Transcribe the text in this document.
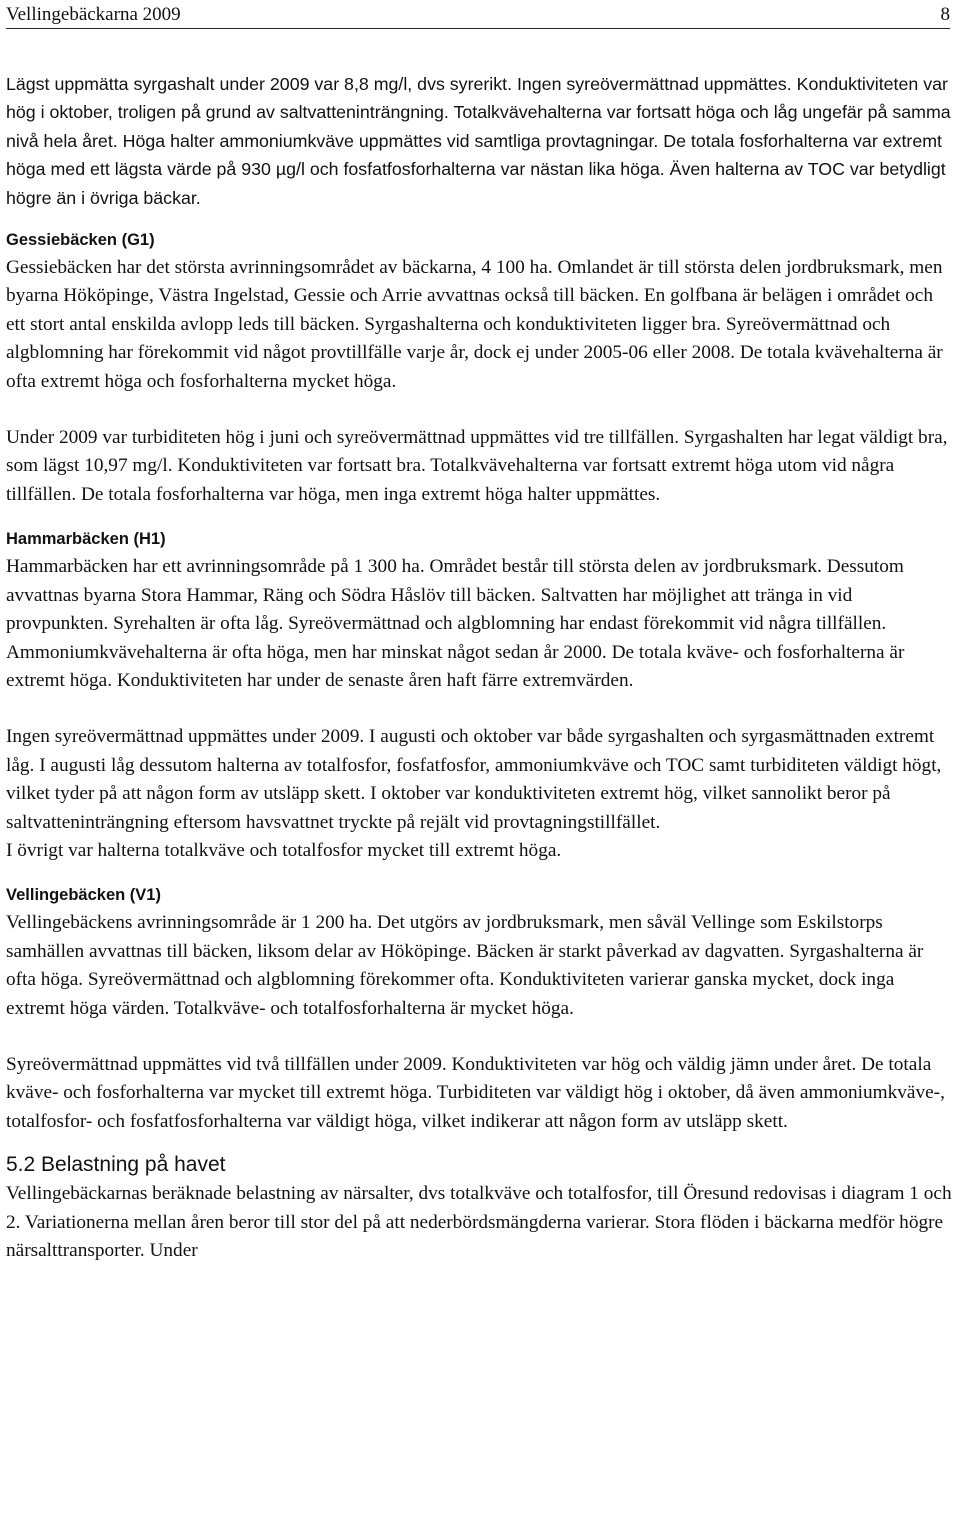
Vellingebäckarna 2009	8

Lägst uppmätta syrgashalt under 2009 var 8,8 mg/l, dvs syrerikt. Ingen syreövermättnad uppmättes. Konduktiviteten var hög i oktober, troligen på grund av saltvatteninträngning. Totalkvävehalterna var fortsatt höga och låg ungefär på samma nivå hela året. Höga halter ammoniumkväve uppmättes vid samtliga provtagningar. De totala fosforhalterna var extremt höga med ett lägsta värde på 930 µg/l och fosfatfosforhalterna var nästan lika höga. Även halterna av TOC var betydligt högre än i övriga bäckar.

Gessiebäcken (G1)

Gessiebäcken har det största avrinningsområdet av bäckarna, 4 100 ha. Omlandet är till största delen jordbruksmark, men byarna Hököpinge, Västra Ingelstad, Gessie och Arrie avvattnas också till bäcken. En golfbana är belägen i området och ett stort antal enskilda avlopp leds till bäcken. Syrgashalterna och konduktiviteten ligger bra. Syreövermättnad och algblomning har förekommit vid något provtillfälle varje år, dock ej under 2005-06 eller 2008. De totala kvävehalterna är ofta extremt höga och fosforhalterna mycket höga.

Under 2009 var turbiditeten hög i juni och syreövermättnad uppmättes vid tre tillfällen. Syrgashalten har legat väldigt bra, som lägst 10,97 mg/l. Konduktiviteten var fortsatt bra. Totalkvävehalterna var fortsatt extremt höga utom vid några tillfällen. De totala fosforhalterna var höga, men inga extremt höga halter uppmättes.

Hammarbäcken (H1)

Hammarbäcken har ett avrinningsområde på 1 300 ha. Området består till största delen av jordbruksmark. Dessutom avvattnas byarna Stora Hammar, Räng och Södra Håslöv till bäcken. Saltvatten har möjlighet att tränga in vid provpunkten. Syrehalten är ofta låg. Syreövermättnad och algblomning har endast förekommit vid några tillfällen. Ammoniumkvävehalterna är ofta höga, men har minskat något sedan år 2000. De totala kväve- och fosforhalterna är extremt höga. Konduktiviteten har under de senaste åren haft färre extremvärden.

Ingen syreövermättnad uppmättes under 2009. I augusti och oktober var både syrgashalten och syrgasmättnaden extremt låg. I augusti låg dessutom halterna av totalfosfor, fosfatfosfor, ammoniumkväve och TOC samt turbiditeten väldigt högt, vilket tyder på att någon form av utsläpp skett. I oktober var konduktiviteten extremt hög, vilket sannolikt beror på saltvatteninträngning eftersom havsvattnet tryckte på rejält vid provtagningstillfället.

I övrigt var halterna totalkväve och totalfosfor mycket till extremt höga.

Vellingebäcken (V1)

Vellingebäckens avrinningsområde är 1 200 ha. Det utgörs av jordbruksmark, men såväl Vellinge som Eskilstorps samhällen avvattnas till bäcken, liksom delar av Hököpinge. Bäcken är starkt påverkad av dagvatten. Syrgashalterna är ofta höga. Syreövermättnad och algblomning förekommer ofta. Konduktiviteten varierar ganska mycket, dock inga extremt höga värden. Totalkväve- och totalfosforhalterna är mycket höga.

Syreövermättnad uppmättes vid två tillfällen under 2009. Konduktiviteten var hög och väldig jämn under året. De totala kväve- och fosforhalterna var mycket till extremt höga. Turbiditeten var väldigt hög i oktober, då även ammoniumkväve-, totalfosfor- och fosfatfosforhalterna var väldigt höga, vilket indikerar att någon form av utsläpp skett.

5.2 Belastning på havet

Vellingebäckarnas beräknade belastning av närsalter, dvs totalkväve och totalfosfor, till Öresund redovisas i diagram 1 och 2. Variationerna mellan åren beror till stor del på att nederbördsmängderna varierar. Stora flöden i bäckarna medför högre närsalttransporter. Under
